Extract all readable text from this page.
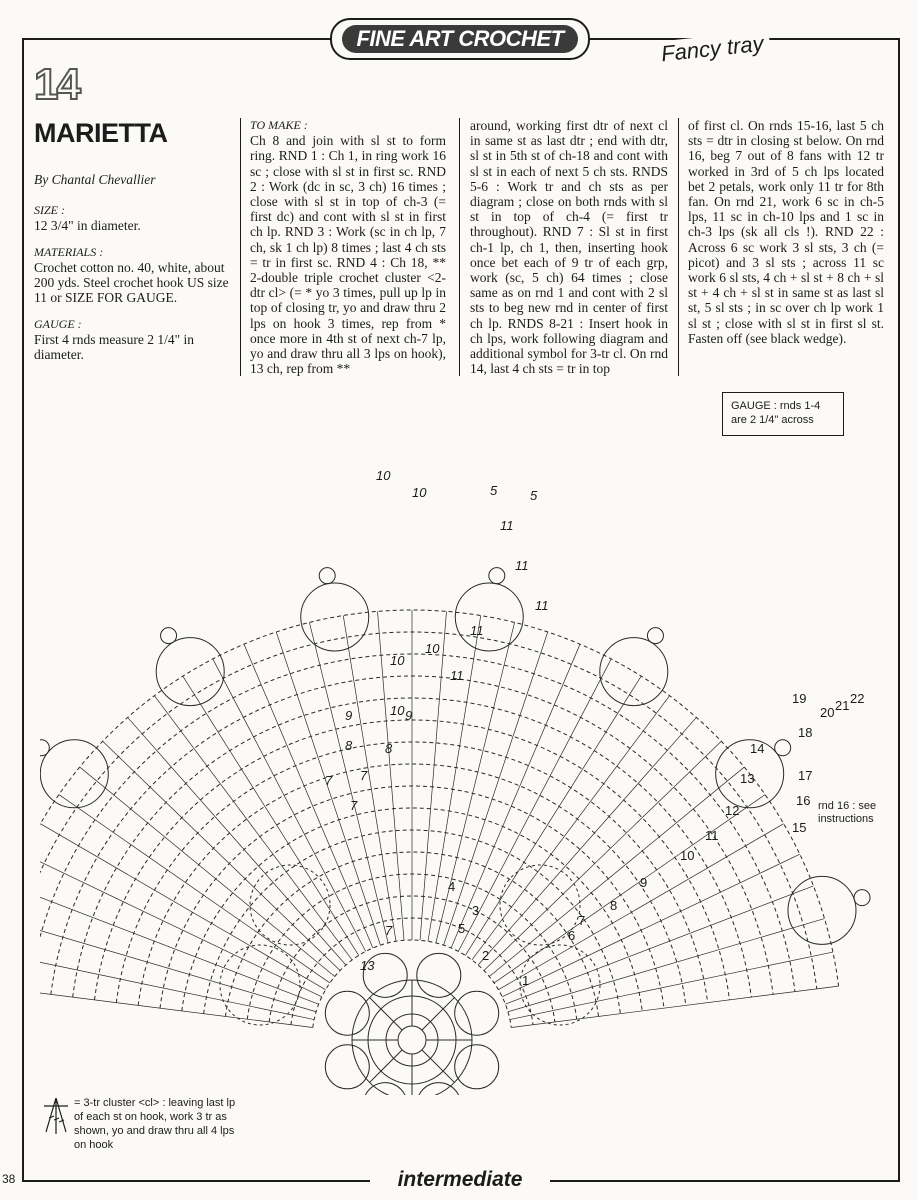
FINE ART CROCHET	Fancy tray
14
MARIETTA

By Chantal Chevallier

SIZE :

12 3/4" in diameter.

MATERIALS :

Crochet cotton no. 40, white, about 200 yds. Steel crochet hook US size 11 or SIZE FOR GAUGE.

GAUGE :

First 4 rnds measure 2 1/4" in diameter.

TO MAKE :
Ch 8 and join with sl st to form ring. RND 1 : Ch 1, in ring work 16 sc ; close with sl st in first sc. RND 2 : Work (dc in sc, 3 ch) 16 times ; close with sl st in top of ch-3 (= first dc) and cont with sl st in first ch lp. RND 3 : Work (sc in ch lp, 7 ch, sk 1 ch lp) 8 times ; last 4 ch sts = tr in first sc. RND 4 : Ch 18, ** 2-double triple crochet cluster <2-dtr cl> (= * yo 3 times, pull up lp in top of closing tr, yo and draw thru 2 lps on hook 3 times, rep from * once more in 4th st of next ch-7 lp, yo and draw thru all 3 lps on hook), 13 ch, rep from **
around, working first dtr of next cl in same st as last dtr ; end with dtr, sl st in 5th st of ch-18 and cont with sl st in each of next 5 ch sts. RNDS 5-6 : Work tr and ch sts as per diagram ; close on both rnds with sl st in top of ch-4 (= first tr throughout). RND 7 : Sl st in first ch-1 lp, ch 1, then, inserting hook once bet each of 9 tr of each grp, work (sc, 5 ch) 64 times ; close same as on rnd 1 and cont with 2 sl sts to beg new rnd in center of first ch lp. RNDS 8-21 : Insert hook in ch lps, work following diagram and additional symbol for 3-tr cl. On rnd 14, last 4 ch sts = tr in top
of first cl. On rnds 15-16, last 5 ch sts = dtr in closing st below. On rnd 16, beg 7 out of 8 fans with 12 tr worked in 3rd of 5 ch lps located bet 2 petals, work only 11 tr for 8th fan. On rnd 21, work 6 sc in ch-5 lps, 11 sc in ch-10 lps and 1 sc in ch-3 lps (sk all cls !). RND 22 : Across 6 sc work 3 sl sts, 3 ch (= picot) and 3 sl sts ; across 11 sc work 6 sl sts, 4 ch + sl st + 8 ch + sl st + 4 ch + sl st in same st as last sl st, 5 sl sts ; in sc over ch lp work 1 sl st ; close with sl st in first sl st. Fasten off (see black wedge).
GAUGE : rnds 1-4 are 2 1/4" across
rnd 16 : see instructions
1
2
3
4
5	6
7
8
9
10
11
12
13
14
15
16
17
18
19
20 21 22
10
10	5	5
11
11
11
11
11
10
10
10
9	9
8	8
7 7
7
7
13
= 3-tr cluster <cl> : leaving last lp of each st on hook, work 3 tr as shown, yo and draw thru all 4 lps on hook
38	intermediate
